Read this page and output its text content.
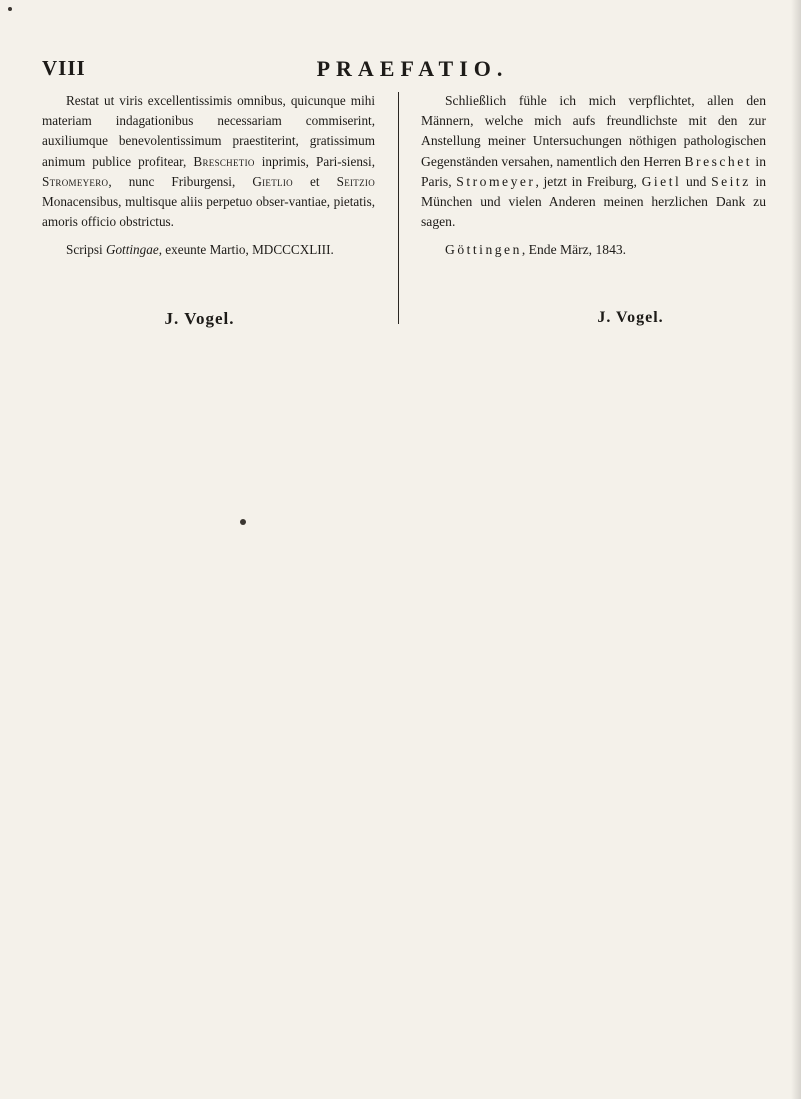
VIII	PRAEFATIO.

Restat ut viris excellentissimis omnibus, quicunque mihi materiam indagationibus necessariam commiserint, auxiliumque benevolentissimum praestiterint, gratissimum animum publice profitear, Breschetio inprimis, Pari-siensi, Stromeyero, nunc Friburgensi, Gietlio et Seitzio Monacensibus, multisque aliis perpetuo obser-vantiae, pietatis, amoris officio obstrictus.

Scripsi Gottingae, exeunte Martio, MDCCCXLIII.

Schließlich fühle ich mich verpflichtet, allen den Männern, welche mich aufs freundlichste mit den zur Anstellung meiner Untersuchungen nöthigen pathologischen Gegenständen versahen, namentlich den Herren Breschet in Paris, Stromeyer, jetzt in Freiburg, Gietl und Seitz in München und vielen Anderen meinen herzlichen Dank zu sagen.

Göttingen, Ende März, 1843.

J. Vogel.	J. Vogel.
